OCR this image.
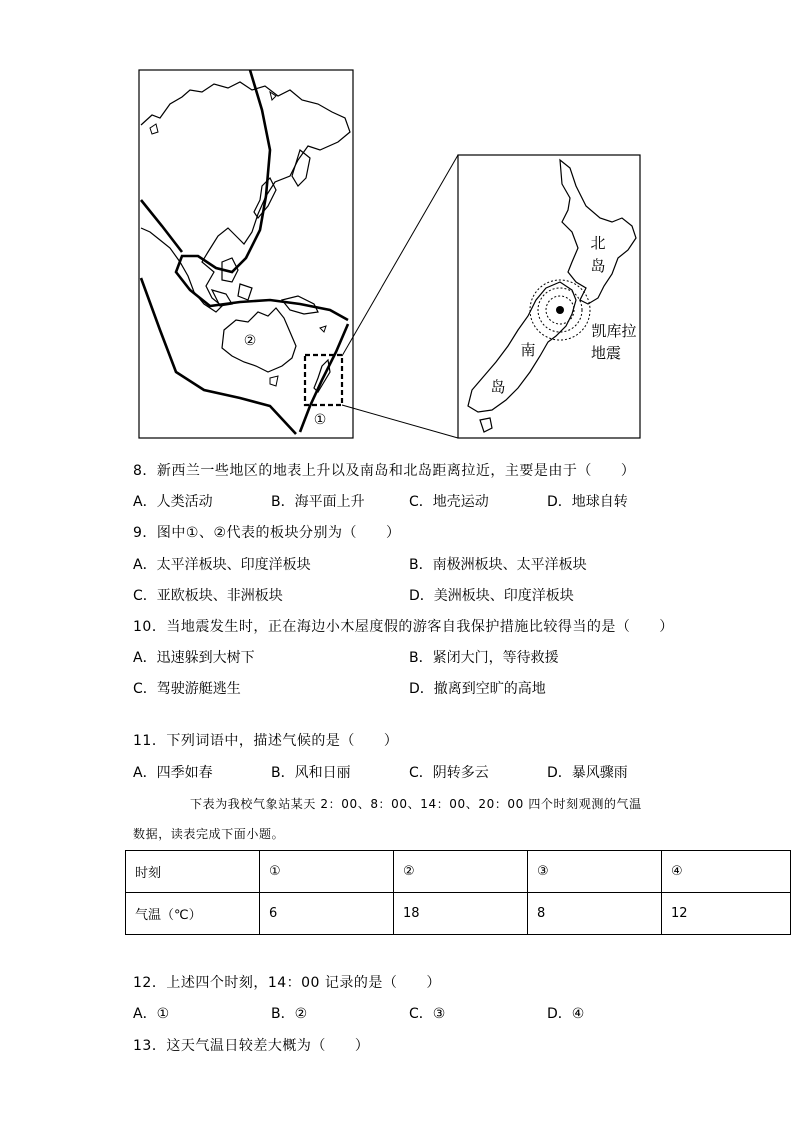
①
②
北
岛
南
岛
凯库拉
地震
8．新西兰一些地区的地表上升以及南岛和北岛距离拉近，主要是由于（　　）
A．人类活动	B．海平面上升	C．地壳运动	D．地球自转
9．图中①、②代表的板块分别为（　　）
A．太平洋板块、印度洋板块	B．南极洲板块、太平洋板块
C．亚欧板块、非洲板块	D．美洲板块、印度洋板块
10．当地震发生时，正在海边小木屋度假的游客自我保护措施比较得当的是（　　）
A．迅速躲到大树下	B．紧闭大门，等待救援
C．驾驶游艇逃生	D．撤离到空旷的高地
11．下列词语中，描述气候的是（　　）
A．四季如春	B．风和日丽	C．阴转多云	D．暴风骤雨
下表为我校气象站某天 2：00、8：00、14：00、20：00 四个时刻观测的气温
数据，读表完成下面小题。
时刻	①	②	③	④
气温（℃）	6	18	8	12
12．上述四个时刻，14：00 记录的是（　　）
A．①	B．②	C．③	D．④
13．这天气温日较差大概为（　　）
